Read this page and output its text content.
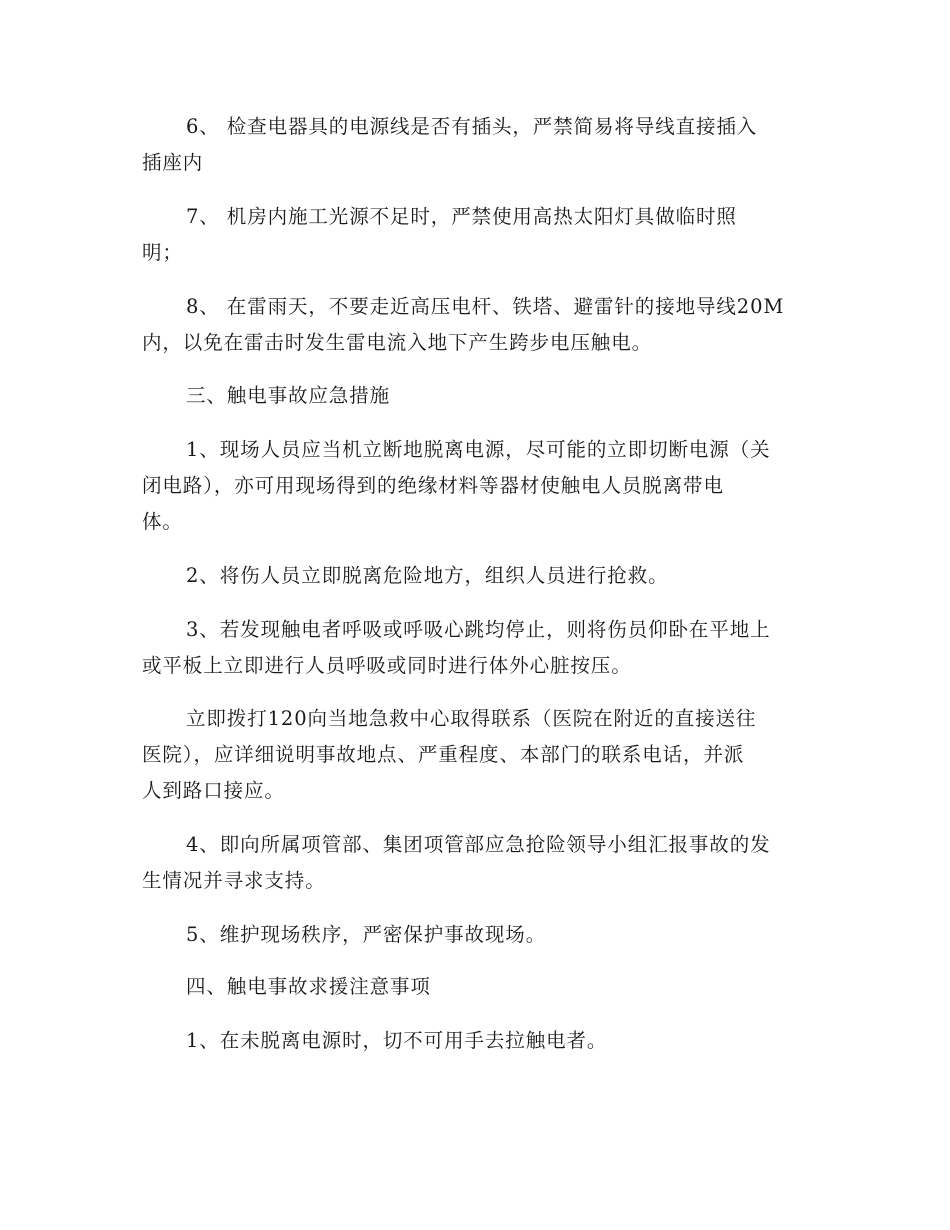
6、 检查电器具的电源线是否有插头，严禁简易将导线直接插入

插座内

7、 机房内施工光源不足时，严禁使用高热太阳灯具做临时照

明；

8、 在雷雨天，不要走近高压电杆、铁塔、避雷针的接地导线20M

内，以免在雷击时发生雷电流入地下产生跨步电压触电。

三、触电事故应急措施

1、现场人员应当机立断地脱离电源，尽可能的立即切断电源（关

闭电路），亦可用现场得到的绝缘材料等器材使触电人员脱离带电

体。

2、将伤人员立即脱离危险地方，组织人员进行抢救。

3、若发现触电者呼吸或呼吸心跳均停止，则将伤员仰卧在平地上

或平板上立即进行人员呼吸或同时进行体外心脏按压。

立即拨打120向当地急救中心取得联系（医院在附近的直接送往

医院），应详细说明事故地点、严重程度、本部门的联系电话，并派

人到路口接应。

4、即向所属项管部、集团项管部应急抢险领导小组汇报事故的发

生情况并寻求支持。

5、维护现场秩序，严密保护事故现场。

四、触电事故求援注意事项

1、在未脱离电源时，切不可用手去拉触电者。
